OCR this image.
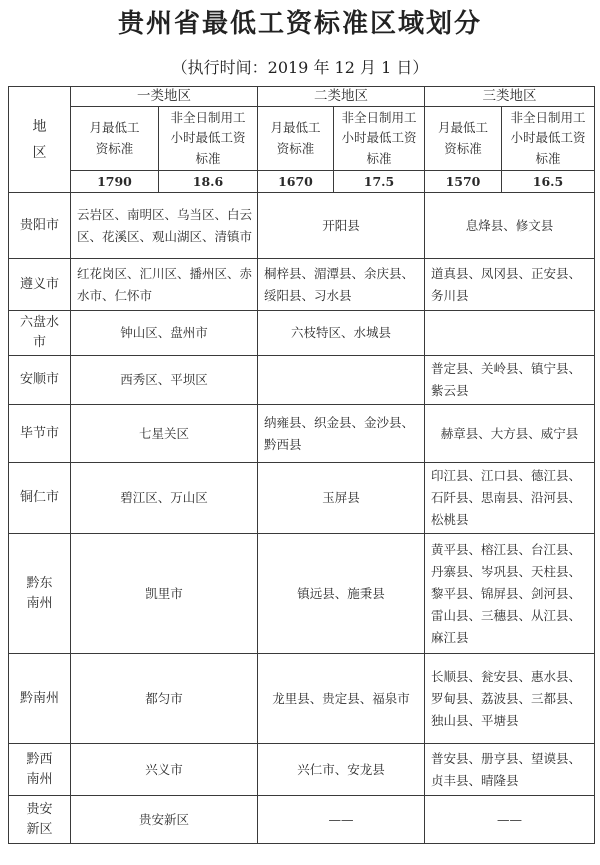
贵州省最低工资标准区域划分
（执行时间：2019 年 12 月 1 日）
地区	一类地区		二类地区		三类地区	
	月最低工资标准	非全日制用工小时最低工资标准	月最低工资标准	非全日制用工小时最低工资标准	月最低工资标准	非全日制用工小时最低工资标准
	1790	18.6	1670	17.5	1570	16.5
贵阳市	云岩区、南明区、乌当区、白云区、花溪区、观山湖区、清镇市		开阳县		息烽县、修文县	
遵义市	红花岗区、汇川区、播州区、赤水市、仁怀市		桐梓县、湄潭县、余庆县、绥阳县、习水县		道真县、凤冈县、正安县、务川县	
六盘水市	钟山区、盘州市		六枝特区、水城县			
安顺市	西秀区、平坝区				普定县、关岭县、镇宁县、紫云县	
毕节市	七星关区		纳雍县、织金县、金沙县、黔西县		赫章县、大方县、威宁县	
铜仁市	碧江区、万山区		玉屏县		印江县、江口县、德江县、石阡县、思南县、沿河县、松桃县	
黔东南州	凯里市		镇远县、施秉县		黄平县、榕江县、台江县、丹寨县、岑巩县、天柱县、黎平县、锦屏县、剑河县、雷山县、三穗县、从江县、麻江县	
黔南州	都匀市		龙里县、贵定县、福泉市		长顺县、瓮安县、惠水县、罗甸县、荔波县、三都县、独山县、平塘县	
黔西南州	兴义市		兴仁市、安龙县		普安县、册亨县、望谟县、贞丰县、晴隆县	
贵安新区	贵安新区		——		——	
